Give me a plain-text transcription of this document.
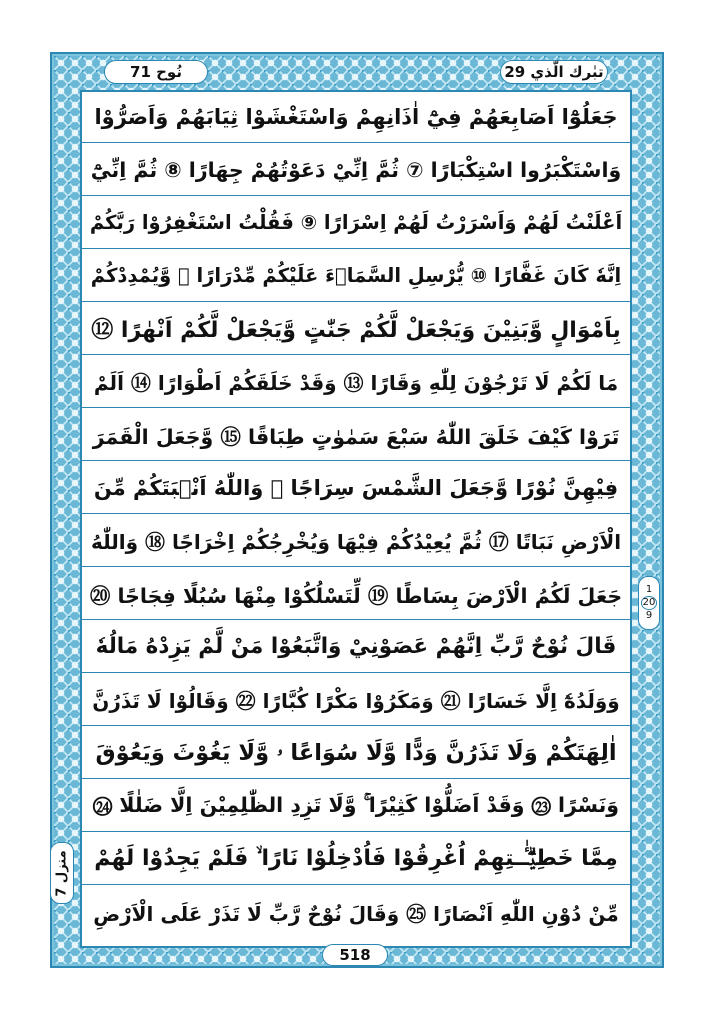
نُوح 71	تبٰرك الّذي 29
جَعَلُوْٓا اَصَابِعَهُمْ فِيْٓ اٰذَانِهِمْ وَاسْتَغْشَوْا ثِيَابَهُمْ وَاَصَرُّوْا
وَاسْتَكْبَرُوا اسْتِكْبَارًا ⑦ ثُمَّ اِنِّيْ دَعَوْتُهُمْ جِهَارًا ⑧ ثُمَّ اِنِّيْٓ
اَعْلَنْتُ لَهُمْ وَاَسْرَرْتُ لَهُمْ اِسْرَارًا ⑨ فَقُلْتُ اسْتَغْفِرُوْا رَبَّكُمْ
اِنَّهٗ كَانَ غَفَّارًا ⑩ يُّرْسِلِ السَّمَاۗءَ عَلَيْكُمْ مِّدْرَارًا ⑪ وَّيُمْدِدْكُمْ
بِاَمْوَالٍ وَّبَنِيْنَ وَيَجْعَلْ لَّكُمْ جَنّٰتٍ وَّيَجْعَلْ لَّكُمْ اَنْهٰرًا ⑫
مَا لَكُمْ لَا تَرْجُوْنَ لِلّٰهِ وَقَارًا ⑬ وَقَدْ خَلَقَكُمْ اَطْوَارًا ⑭ اَلَمْ
تَرَوْا كَيْفَ خَلَقَ اللّٰهُ سَبْعَ سَمٰوٰتٍ طِبَاقًا ⑮ وَّجَعَلَ الْقَمَرَ
فِيْهِنَّ نُوْرًا وَّجَعَلَ الشَّمْسَ سِرَاجًا ⑯ وَاللّٰهُ اَنْۢبَتَكُمْ مِّنَ
الْاَرْضِ نَبَاتًا ⑰ ثُمَّ يُعِيْدُكُمْ فِيْهَا وَيُخْرِجُكُمْ اِخْرَاجًا ⑱ وَاللّٰهُ
جَعَلَ لَكُمُ الْاَرْضَ بِسَاطًا ⑲ لِّتَسْلُكُوْا مِنْهَا سُبُلًا فِجَاجًا ⑳
قَالَ نُوْحٌ رَّبِّ اِنَّهُمْ عَصَوْنِيْ وَاتَّبَعُوْا مَنْ لَّمْ يَزِدْهُ مَالُهٗ
وَوَلَدُهٗٓ اِلَّا خَسَارًا ㉑ وَمَكَرُوْا مَكْرًا كُبَّارًا ㉒ وَقَالُوْا لَا تَذَرُنَّ
اٰلِهَتَكُمْ وَلَا تَذَرُنَّ وَدًّا وَّلَا سُوَاعًا ۥ وَّلَا يَغُوْثَ وَيَعُوْقَ
وَنَسْرًا ㉓ وَقَدْ اَضَلُّوْا كَثِيْرًا ۚ وَّلَا تَزِدِ الظّٰلِمِيْنَ اِلَّا ضَلٰلًا ㉔
مِمَّا خَطِيْۗـٰٔـتِهِمْ اُغْرِقُوْا فَاُدْخِلُوْا نَارًا ۙ فَلَمْ يَجِدُوْا لَهُمْ
مِّنْ دُوْنِ اللّٰهِ اَنْصَارًا ㉕ وَقَالَ نُوْحٌ رَّبِّ لَا تَذَرْ عَلَى الْاَرْضِ
1
20
9
منزل 7
518
